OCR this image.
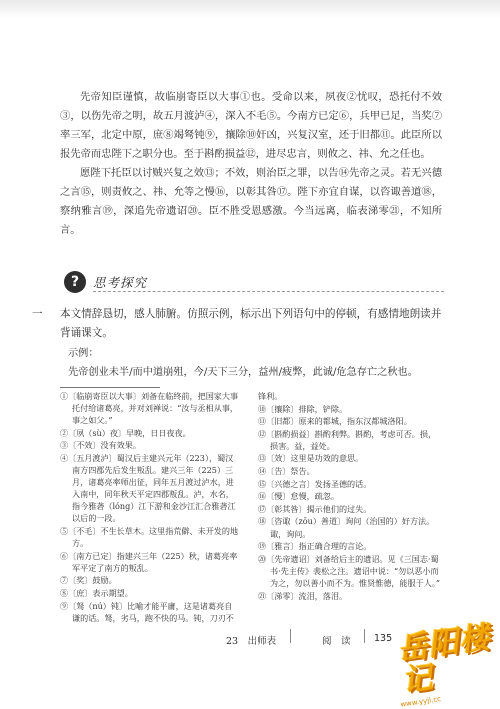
先帝知臣谨慎，故临崩寄臣以大事①也。受命以来，夙夜②忧叹，恐托付不效③，以伤先帝之明，故五月渡泸④，深入不毛⑤。今南方已定⑥，兵甲已足，当奖⑦率三军，北定中原，庶⑧竭驽钝⑨，攘除⑩奸凶，兴复汉室，还于旧都⑪。此臣所以报先帝而忠陛下之职分也。至于斟酌损益⑫，进尽忠言，则攸之、祎、允之任也。

愿陛下托臣以讨贼兴复之效⑬；不效，则治臣之罪，以告⑭先帝之灵。若无兴德之言⑮，则责攸之、祎、允等之慢⑯，以彰其咎⑰。陛下亦宜自谋，以咨诹善道⑱，察纳雅言⑲，深追先帝遗诏⑳。臣不胜受恩感激。今当远离，临表涕零㉑，不知所言。

?	思考探究
一 本文情辞恳切，感人肺腑。仿照示例，标示出下列语句中的停顿，有感情地朗读并背诵课文。

示例：

先帝创业未半/而中道崩殂，今/天下三分，益州/疲弊，此诚/危急存亡之秋也。

①〔临崩寄臣以大事〕刘备在临终前，把国家大事托付给诸葛亮，并对刘禅说：“汝与丞相从事，事之如父。”

②〔夙（sù）夜〕早晚，日日夜夜。

③〔不效〕没有效果。

④〔五月渡泸〕蜀汉后主建兴元年（223），蜀汉南方四郡先后发生叛乱。建兴三年（225）三月，诸葛亮率师出征，同年五月渡过泸水，进入南中，同年秋天平定四郡叛乱。泸，水名，指今雅砻（lóng）江下游和金沙江汇合雅砻江以后的一段。

⑤〔不毛〕不生长草木。这里指荒僻、未开发的地方。

⑥〔南方已定〕指建兴三年（225）秋，诸葛亮率军平定了南方的叛乱。

⑦〔奖〕鼓励。

⑧〔庶〕表示期望。

⑨〔驽（nú）钝〕比喻才能平庸，这是诸葛亮自谦的话。驽，劣马，跑不快的马。钝，刀刃不

锋利。

⑩〔攘除〕排除，铲除。

⑪〔旧都〕原来的都城，指东汉都城洛阳。

⑫〔斟酌损益〕斟酌利弊。斟酌，考虑可否。损，损害。益，益处。

⑬〔效〕这里是功效的意思。

⑭〔告〕祭告。

⑮〔兴德之言〕发扬圣德的话。

⑯〔慢〕怠慢，疏忽。

⑰〔彰其咎〕揭示他们的过失。

⑱〔咨诹（zōu）善道〕询问（治国的）好方法。诹，询问。

⑲〔雅言〕指正确合理的言论。

⑳〔先帝遗诏〕刘备给后主的遗诏。见《三国志·蜀书·先主传》裴松之注。遗诏中说：“勿以恶小而为之，勿以善小而不为。惟贤惟德，能服于人。”

㉑〔涕零〕流泪，落泪。

23　出师表	阅　读 135 岳阳楼记
www.yyjl.cc
